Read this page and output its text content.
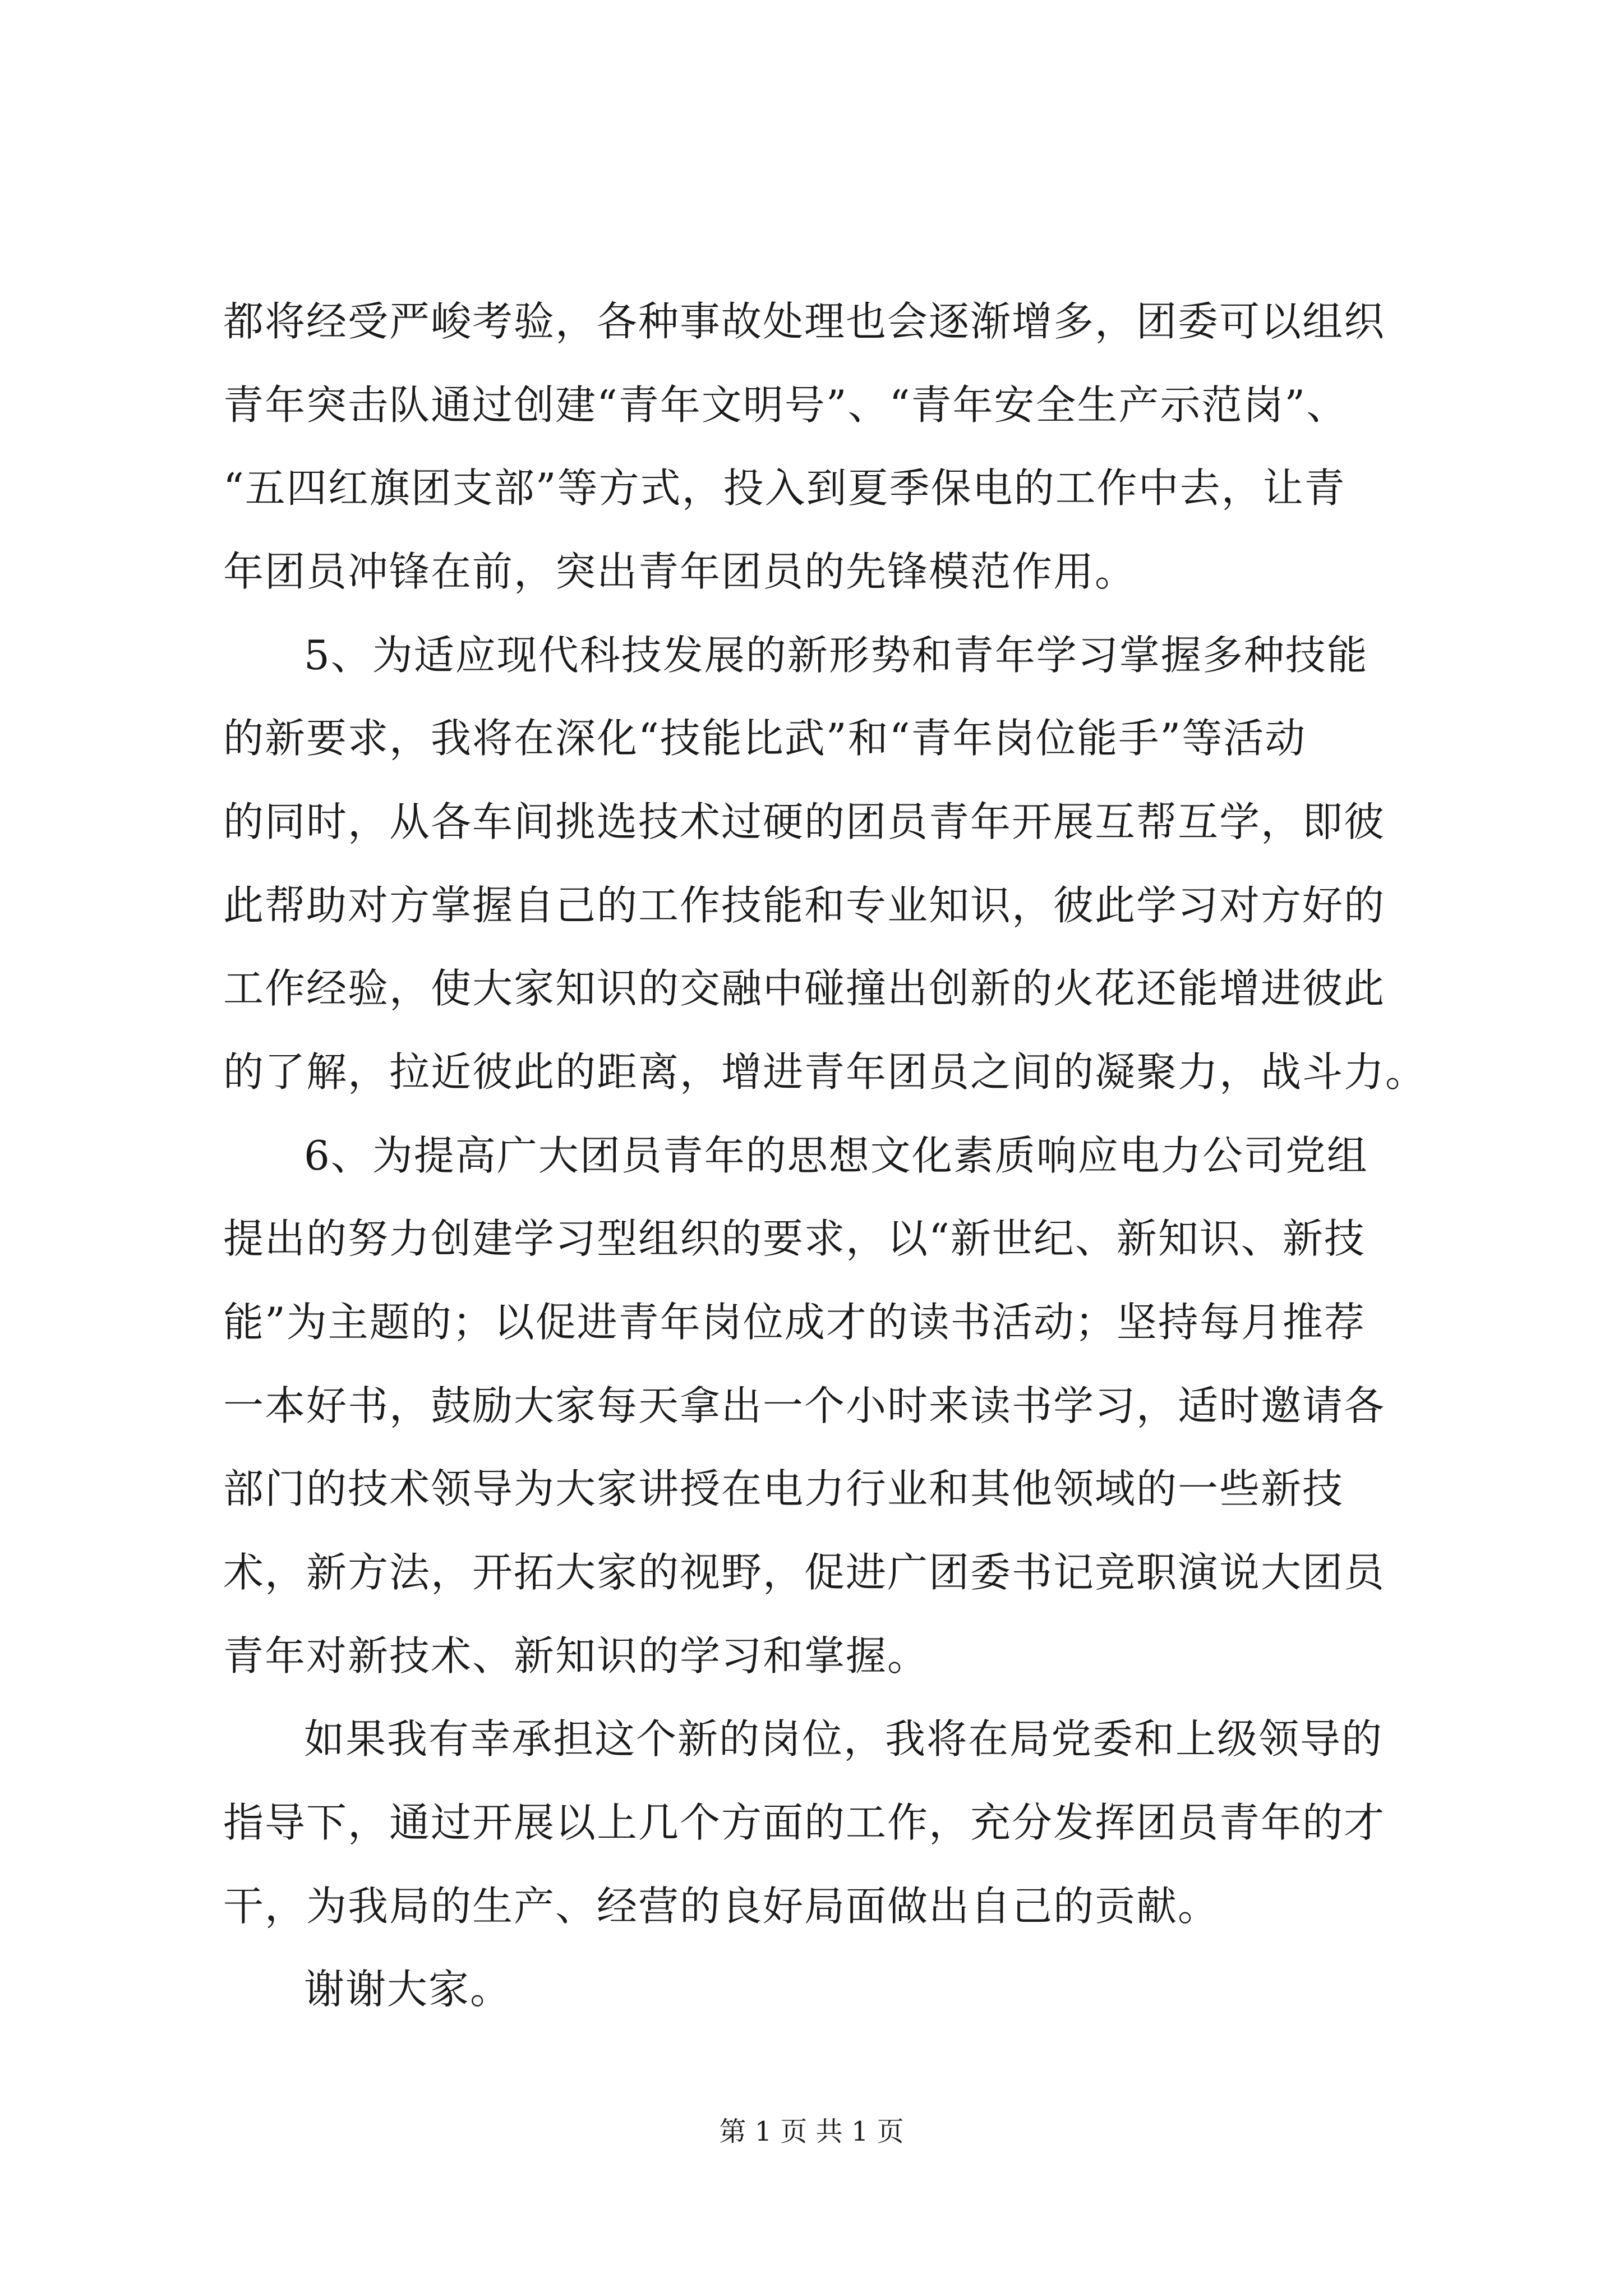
都将经受严峻考验，各种事故处理也会逐渐增多，团委可以组织
青年突击队通过创建“青年文明号”、“青年安全生产示范岗”、
“五四红旗团支部”等方式，投入到夏季保电的工作中去，让青
年团员冲锋在前，突出青年团员的先锋模范作用。
5、为适应现代科技发展的新形势和青年学习掌握多种技能
的新要求，我将在深化“技能比武”和“青年岗位能手”等活动
的同时，从各车间挑选技术过硬的团员青年开展互帮互学，即彼
此帮助对方掌握自己的工作技能和专业知识，彼此学习对方好的
工作经验，使大家知识的交融中碰撞出创新的火花还能增进彼此
的了解，拉近彼此的距离，增进青年团员之间的凝聚力，战斗力。
6、为提高广大团员青年的思想文化素质响应电力公司党组
提出的努力创建学习型组织的要求，以“新世纪、新知识、新技
能”为主题的；以促进青年岗位成才的读书活动；坚持每月推荐
一本好书，鼓励大家每天拿出一个小时来读书学习，适时邀请各
部门的技术领导为大家讲授在电力行业和其他领域的一些新技
术，新方法，开拓大家的视野，促进广团委书记竞职演说大团员
青年对新技术、新知识的学习和掌握。
如果我有幸承担这个新的岗位，我将在局党委和上级领导的
指导下，通过开展以上几个方面的工作，充分发挥团员青年的才
干，为我局的生产、经营的良好局面做出自己的贡献。
谢谢大家。
第 1 页 共 1 页
